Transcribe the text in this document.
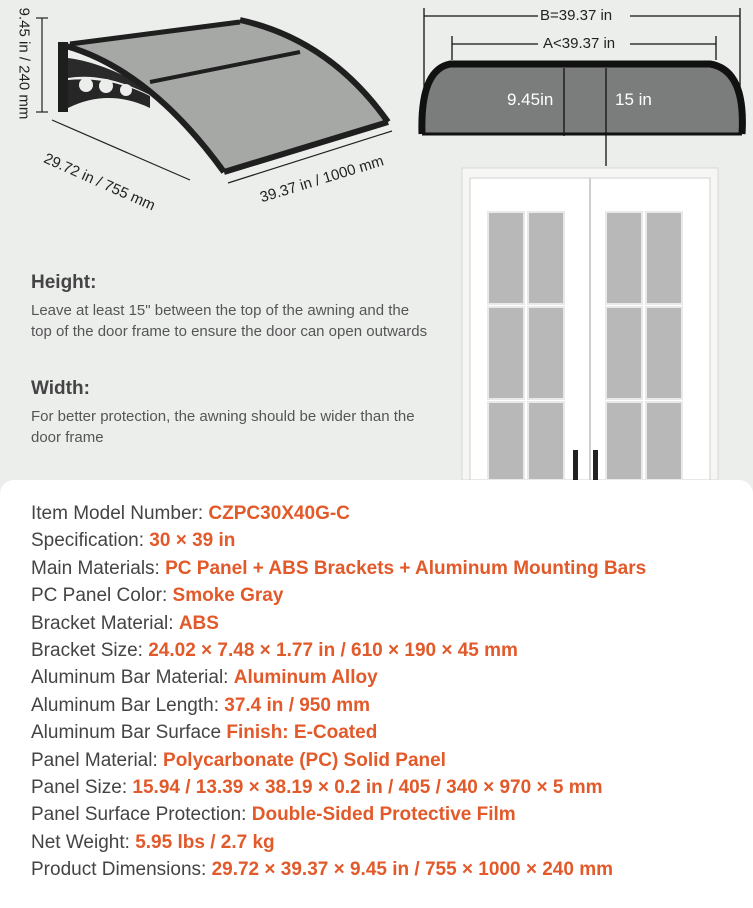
9.45 in / 240 mm
29.72 in / 755 mm	39.37 in / 1000 mm
B=39.37 in
A<39.37 in
9.45in	15 in
Height:
Leave at least 15" between the top of the awning and the top of the door frame to ensure the door can open outwards
Width:
For better protection, the awning should be wider than the door frame
Item Model Number: CZPC30X40G-C
Specification: 30 × 39 in
Main Materials: PC Panel + ABS Brackets + Aluminum Mounting Bars
PC Panel Color: Smoke Gray
Bracket Material: ABS
Bracket Size: 24.02 × 7.48 × 1.77 in / 610 × 190 × 45 mm
Aluminum Bar Material: Aluminum Alloy
Aluminum Bar Length: 37.4 in / 950 mm
Aluminum Bar Surface Finish: E-Coated
Panel Material: Polycarbonate (PC) Solid Panel
Panel Size: 15.94 / 13.39 × 38.19 × 0.2 in / 405 / 340 × 970 × 5 mm
Panel Surface Protection: Double-Sided Protective Film
Net Weight: 5.95 lbs / 2.7 kg
Product Dimensions: 29.72 × 39.37 × 9.45 in / 755 × 1000 × 240 mm
